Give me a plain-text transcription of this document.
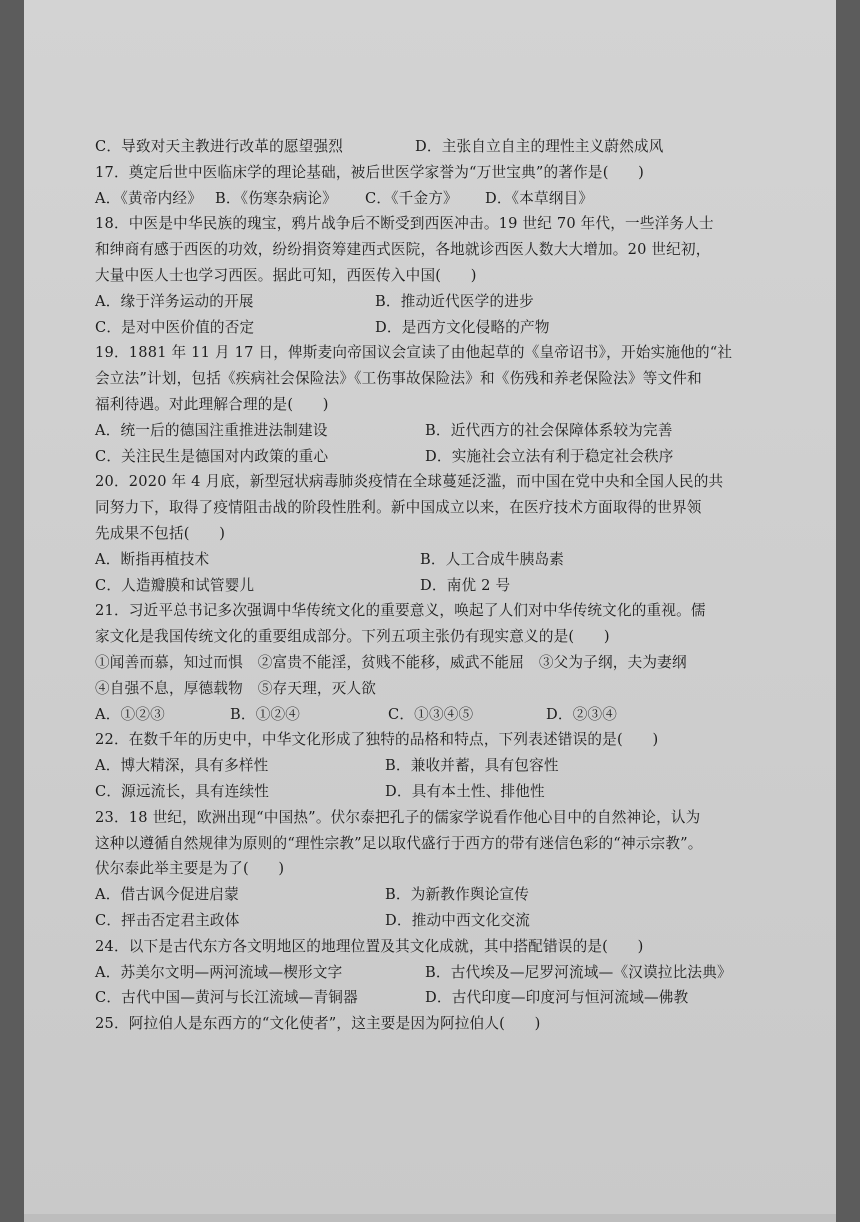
C．导致对天主教进行改革的愿望强烈	D．主张自立自主的理性主义蔚然成风
17．奠定后世中医临床学的理论基础，被后世医学家誉为“万世宝典”的著作是(　　)
A．《黄帝内经》 B．《伤寒杂病论》 C．《千金方》 D．《本草纲目》
18．中医是中华民族的瑰宝，鸦片战争后不断受到西医冲击。19 世纪 70 年代，一些洋务人士
和绅商有感于西医的功效，纷纷捐资筹建西式医院，各地就诊西医人数大大增加。20 世纪初，
大量中医人士也学习西医。据此可知，西医传入中国(　　)
A．缘于洋务运动的开展	B．推动近代医学的进步
C．是对中医价值的否定	D．是西方文化侵略的产物
19．1881 年 11 月 17 日，俾斯麦向帝国议会宣读了由他起草的《皇帝诏书》，开始实施他的“社
会立法”计划，包括《疾病社会保险法》《工伤事故保险法》和《伤残和养老保险法》等文件和
福利待遇。对此理解合理的是(　　)
A．统一后的德国注重推进法制建设	B．近代西方的社会保障体系较为完善
C．关注民生是德国对内政策的重心	D．实施社会立法有利于稳定社会秩序
20．2020 年 4 月底，新型冠状病毒肺炎疫情在全球蔓延泛滥，而中国在党中央和全国人民的共
同努力下，取得了疫情阻击战的阶段性胜利。新中国成立以来，在医疗技术方面取得的世界领
先成果不包括(　　)
A．断指再植技术	B．人工合成牛胰岛素
C．人造瓣膜和试管婴儿	D．南优 2 号
21．习近平总书记多次强调中华传统文化的重要意义，唤起了人们对中华传统文化的重视。儒
家文化是我国传统文化的重要组成部分。下列五项主张仍有现实意义的是(　　)
①闻善而慕，知过而惧　②富贵不能淫，贫贱不能移，威武不能屈　③父为子纲，夫为妻纲
④自强不息，厚德载物　⑤存天理，灭人欲
A．①②③	B．①②④	C．①③④⑤	D．②③④
22．在数千年的历史中，中华文化形成了独特的品格和特点，下列表述错误的是(　　)
A．博大精深，具有多样性	B．兼收并蓄，具有包容性
C．源远流长，具有连续性	D．具有本土性、排他性
23．18 世纪，欧洲出现“中国热”。伏尔泰把孔子的儒家学说看作他心目中的自然神论，认为
这种以遵循自然规律为原则的“理性宗教”足以取代盛行于西方的带有迷信色彩的“神示宗教”。
伏尔泰此举主要是为了(　　)
A．借古讽今促进启蒙	B．为新教作舆论宣传
C．抨击否定君主政体	D．推动中西文化交流
24．以下是古代东方各文明地区的地理位置及其文化成就，其中搭配错误的是(　　)
A．苏美尔文明—两河流域—楔形文字	B．古代埃及—尼罗河流域—《汉谟拉比法典》
C．古代中国—黄河与长江流域—青铜器	D．古代印度—印度河与恒河流域—佛教
25．阿拉伯人是东西方的“文化使者”，这主要是因为阿拉伯人(　　)
